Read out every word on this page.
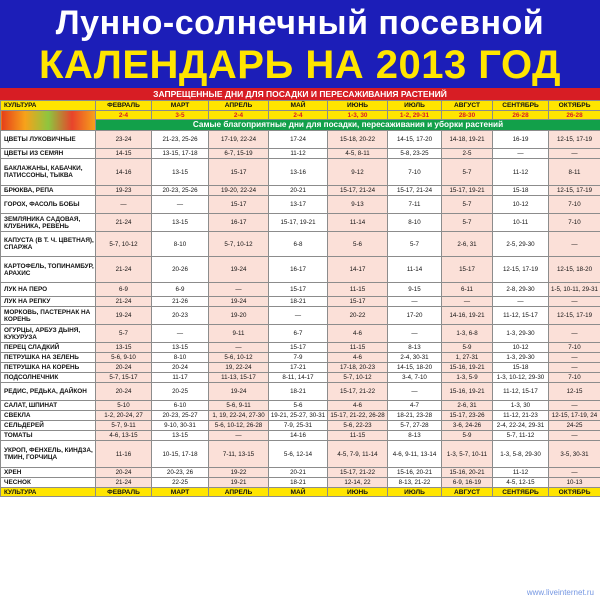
Лунно-солнечный посевной
КАЛЕНДАРЬ НА 2013 ГОД
ЗАПРЕЩЕННЫЕ ДНИ ДЛЯ ПОСАДКИ И ПЕРЕСАЖИВАНИЯ РАСТЕНИЙ
КУЛЬТУРА	ФЕВРАЛЬ	МАРТ	АПРЕЛЬ	МАЙ	ИЮНЬ	ИЮЛЬ	АВГУСТ	СЕНТЯБРЬ	ОКТЯБРЬ
	2-4	3-5	2-4	2-4	1-3, 30	1-2, 29-31	28-30	26-28	26-28
	Самые благоприятные дни для посадки, пересаживания и уборки растений								
ЦВЕТЫ ЛУКОВИЧНЫЕ	23-24	21-23, 25-26	17-19, 22-24	17-24	15-18, 20-22	14-15, 17-20	14-18, 19-21	16-19	12-15, 17-19
ЦВЕТЫ ИЗ СЕМЯН	14-15	13-15, 17-18	6-7, 15-19	11-12	4-5, 8-11	5-8, 23-25	2-5	—	—
БАКЛАЖАНЫ, КАБАЧКИ, ПАТИССОНЫ, ТЫКВА	14-16	13-15	15-17	13-16	9-12	7-10	5-7	11-12	8-11
БРЮКВА, РЕПА	19-23	20-23, 25-26	19-20, 22-24	20-21	15-17, 21-24	15-17, 21-24	15-17, 19-21	15-18	12-15, 17-19
ГОРОХ, ФАСОЛЬ БОБЫ	—	—	15-17	13-17	9-13	7-11	5-7	10-12	7-10
ЗЕМЛЯНИКА САДОВАЯ, КЛУБНИКА, РЕВЕНЬ	21-24	13-15	16-17	15-17, 19-21	11-14	8-10	5-7	10-11	7-10
КАПУСТА (В Т. Ч. ЦВЕТНАЯ), СПАРЖА	5-7, 10-12	8-10	5-7, 10-12	6-8	5-6	5-7	2-6, 31	2-5, 29-30	—
КАРТОФЕЛЬ, ТОПИНАМБУР, АРАХИС	21-24	20-26	19-24	16-17	14-17	11-14	15-17	12-15, 17-19	12-15, 18-20
ЛУК НА ПЕРО	6-9	6-9	—	15-17	11-15	9-15	6-11	2-8, 29-30	1-5, 10-11, 29-31
ЛУК НА РЕПКУ	21-24	21-26	19-24	18-21	15-17	—	—	—	—
МОРКОВЬ, ПАСТЕРНАК НА КОРЕНЬ	19-24	20-23	19-20	—	20-22	17-20	14-16, 19-21	11-12, 15-17	12-15, 17-19
ОГУРЦЫ, АРБУЗ ДЫНЯ, КУКУРУЗА	5-7	—	9-11	6-7	4-6	—	1-3, 6-8	1-3, 29-30	—
ПЕРЕЦ СЛАДКИЙ	13-15	13-15	—	15-17	11-15	8-13	5-9	10-12	7-10
ПЕТРУШКА НА ЗЕЛЕНЬ	5-6, 9-10	8-10	5-6, 10-12	7-9	4-6	2-4, 30-31	1, 27-31	1-3, 29-30	—
ПЕТРУШКА НА КОРЕНЬ	20-24	20-24	19, 22-24	17-21	17-18, 20-23	14-15, 18-20	15-16, 19-21	15-18	—
ПОДСОЛНЕЧНИК	5-7, 15-17	11-17	11-13, 15-17	8-11, 14-17	5-7, 10-12	3-4, 7-10	1-3, 5-9	1-3, 10-12, 29-30	7-10
РЕДИС, РЕДЬКА, ДАЙКОН	20-24	20-25	19-24	18-21	15-17, 21-22	—	15-16, 19-21	11-12, 15-17	12-15
САЛАТ, ШПИНАТ	5-10	6-10	5-6, 9-11	5-6	4-6	4-7	2-6, 31	1-3, 30	—
СВЕКЛА	1-2, 20-24, 27	20-23, 25-27	1, 19, 22-24, 27-30	19-21, 25-27, 30-31	15-17, 21-22, 26-28	18-21, 23-28	15-17, 23-26	11-12, 21-23	12-15, 17-19, 24
СЕЛЬДЕРЕЙ	5-7, 9-11	9-10, 30-31	5-6, 10-12, 26-28	7-9, 25-31	5-6, 22-23	5-7, 27-28	3-6, 24-26	2-4, 22-24, 29-31	24-25
ТОМАТЫ	4-6, 13-15	13-15	—	14-16	11-15	8-13	5-9	5-7, 11-12	—
УКРОП, ФЕНХЕЛЬ, КИНДЗА, ТМИН, ГОРЧИЦА	11-16	10-15, 17-18	7-11, 13-15	5-6, 12-14	4-5, 7-9, 11-14	4-6, 9-11, 13-14	1-3, 5-7, 10-11	1-3, 5-8, 29-30	3-5, 30-31
ХРЕН	20-24	20-23, 26	19-22	20-21	15-17, 21-22	15-16, 20-21	15-16, 20-21	11-12	—
ЧЕСНОК	21-24	22-25	19-21	18-21	12-14, 22	8-13, 21-22	6-9, 16-19	4-5, 12-15	10-13
КУЛЬТУРА	ФЕВРАЛЬ	МАРТ	АПРЕЛЬ	МАЙ	ИЮНЬ	ИЮЛЬ	АВГУСТ	СЕНТЯБРЬ	ОКТЯБРЬ
www.liveinternet.ru
